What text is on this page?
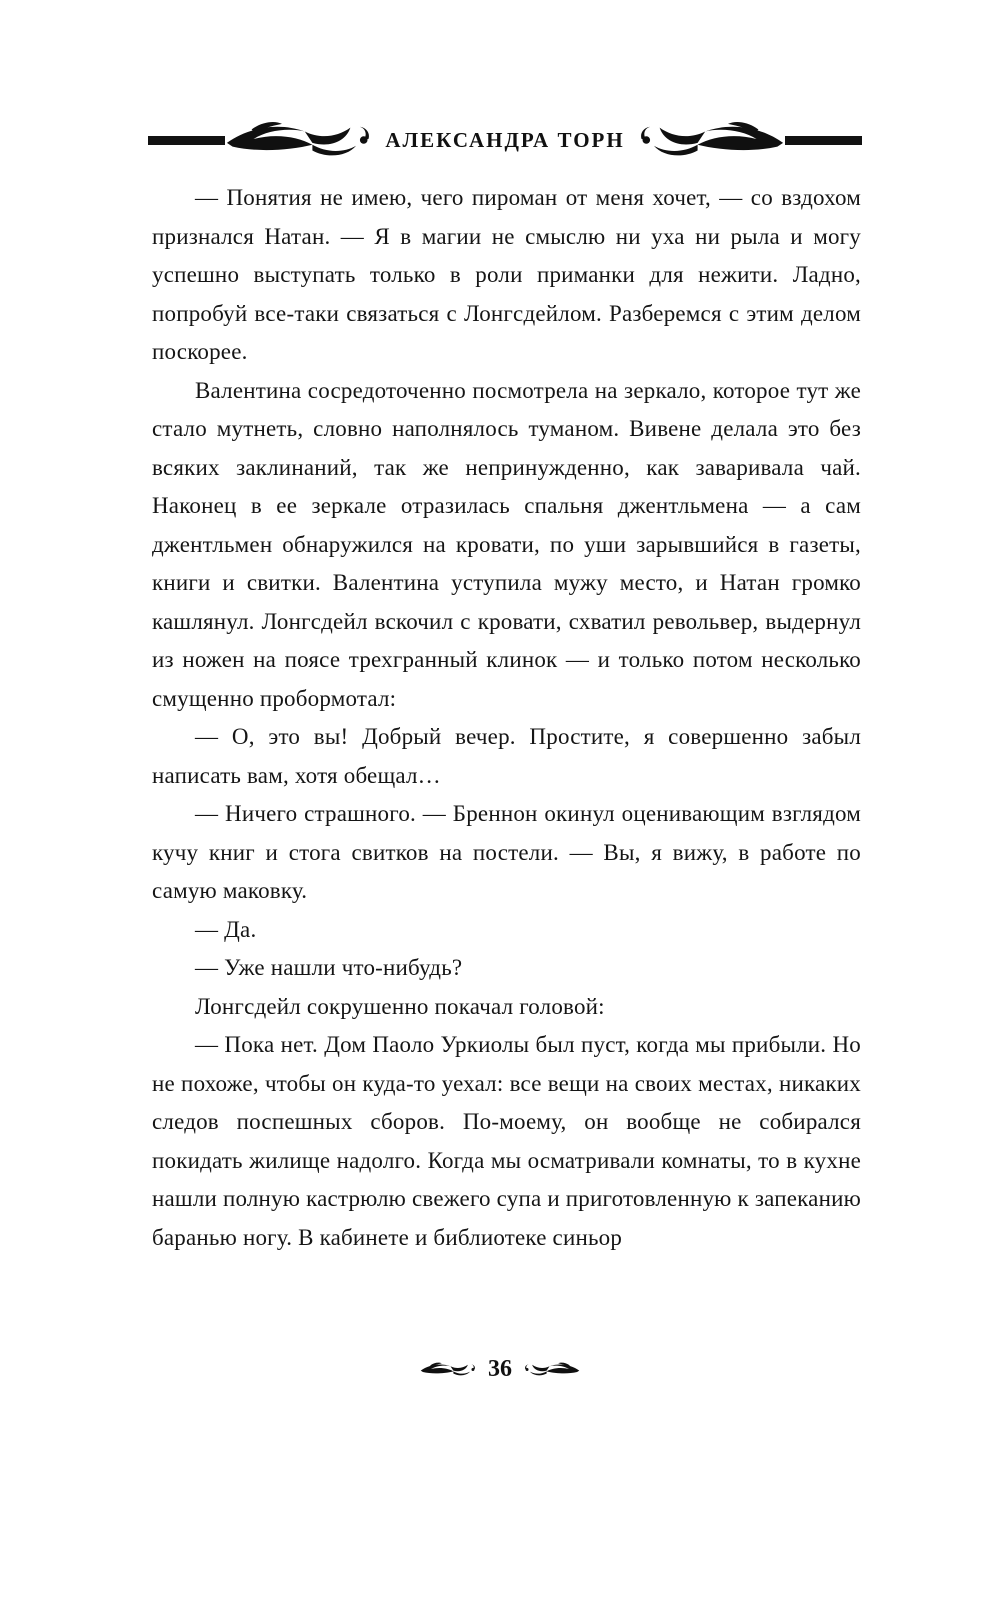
АЛЕКСАНДРА ТОРН

— Понятия не имею, чего пироман от меня хочет, — со вздохом признался Натан. — Я в магии не смыслю ни уха ни рыла и могу успешно выступать только в роли приманки для нежити. Ладно, попробуй все-таки связаться с Лонгсдейлом. Разберемся с этим делом поскорее.

Валентина сосредоточенно посмотрела на зеркало, которое тут же стало мутнеть, словно наполнялось туманом. Вивене делала это без всяких заклинаний, так же непринужденно, как заваривала чай. Наконец в ее зеркале отразилась спальня джентльмена — а сам джентльмен обнаружился на кровати, по уши зарывшийся в газеты, книги и свитки. Валентина уступила мужу место, и Натан громко кашлянул. Лонгсдейл вскочил с кровати, схватил револьвер, выдернул из ножен на поясе трехгранный клинок — и только потом несколько смущенно пробормотал:

— О, это вы! Добрый вечер. Простите, я совершенно забыл написать вам, хотя обещал…

— Ничего страшного. — Бреннон окинул оценивающим взглядом кучу книг и стога свитков на постели. — Вы, я вижу, в работе по самую маковку.

— Да.

— Уже нашли что-нибудь?

Лонгсдейл сокрушенно покачал головой:

— Пока нет. Дом Паоло Уркиолы был пуст, когда мы прибыли. Но не похоже, чтобы он куда-то уехал: все вещи на своих местах, никаких следов поспешных сборов. По-моему, он вообще не собирался покидать жилище надолго. Когда мы осматривали комнаты, то в кухне нашли полную кастрюлю свежего супа и приготовленную к запеканию баранью ногу. В кабинете и библиотеке синьор

36
